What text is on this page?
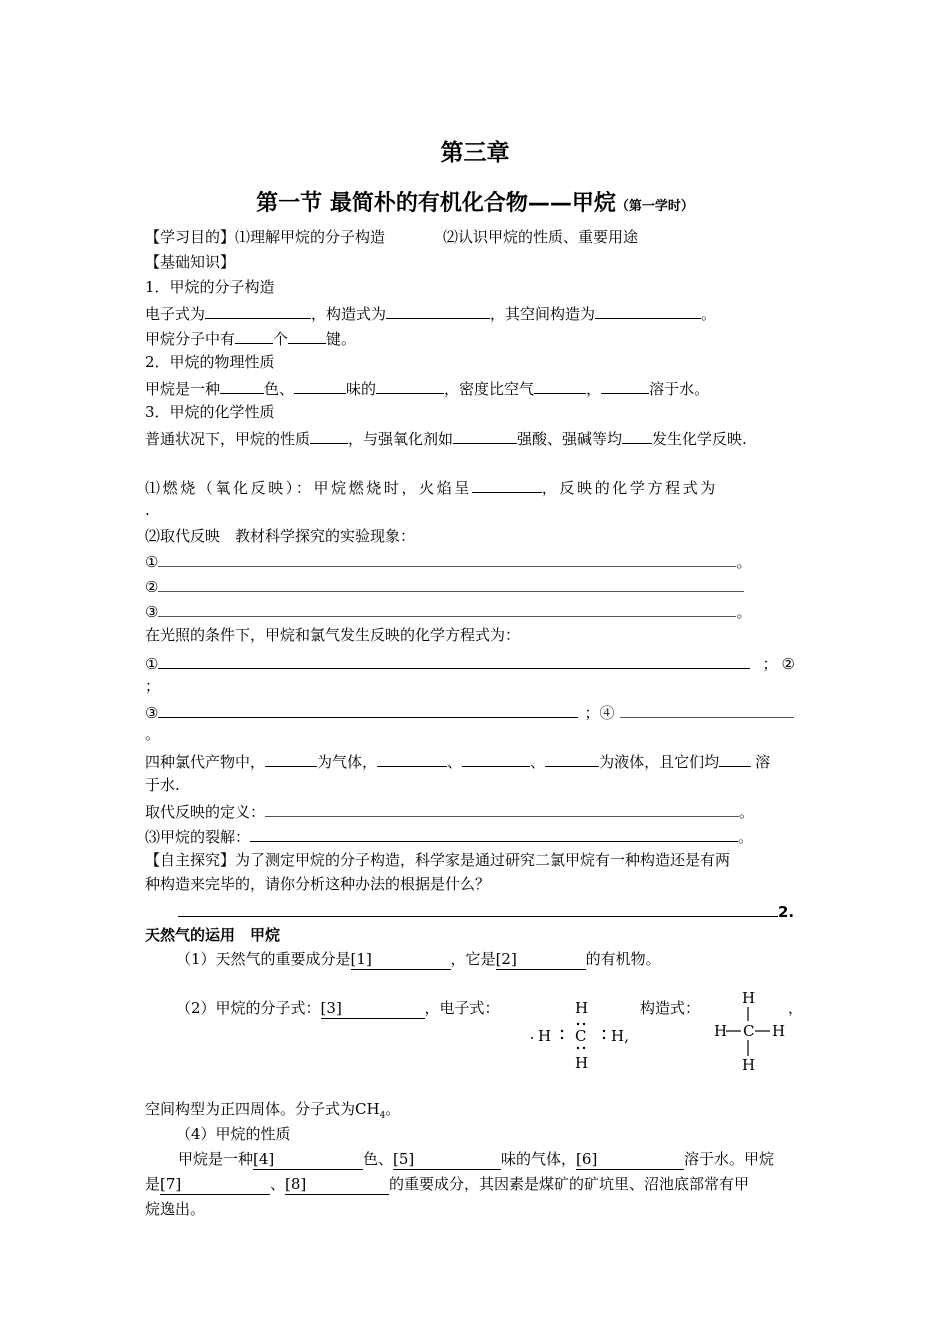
第三章
第一节 最简朴的有机化合物——甲烷（第一学时）
【学习目的】⑴理解甲烷的分子构造	⑵认识甲烷的性质、重要用途
【基础知识】
1．甲烷的分子构造
电子式为	，构造式为	，其空间构造为	。
甲烷分子中有	个	键。
2．甲烷的物理性质
甲烷是一种	色、	味的	，密度比空气	，	溶于水。
3．甲烷的化学性质
普通状况下，甲烷的性质	，与强氧化剂如	强酸、强碱等均 发生化学反映.
⑴燃烧（氧化反映）：甲烷燃烧时，火焰呈	，反映的化学方程式为
.
⑵取代反映　教材科学探究的实验现象：
①	。
②
③	。
在光照的条件下，甲烷和氯气发生反映的化学方程式为：
①	； ②
；
③	；④
。
四种氯代产物中，	为气体，	、	、	为液体，且它们均 溶
于水.
取代反映的定义：	。
⑶甲烷的裂解：	。
【自主探究】为了测定甲烷的分子构造，科学家是通过研究二氯甲烷有一种构造还是有两
种构造来完毕的，请你分析这种办法的根据是什么？
2.
天然气的运用　甲烷
（1）天然气的重要成分是[1]	，它是[2]	的有机物。
（2）甲烷的分子式：[3]	，电子式：	H
H C H,
H
构造式：	，
H
H C H
H
空间构型为正四周体。分子式为$CH_4$。
（4）甲烷的性质
甲烷是一种[4]	色、[5]	味的气体，[6]	溶于水。甲烷
是[7]	、[8]	的重要成分，其因素是煤矿的矿坑里、沼池底部常有甲
烷逸出。
